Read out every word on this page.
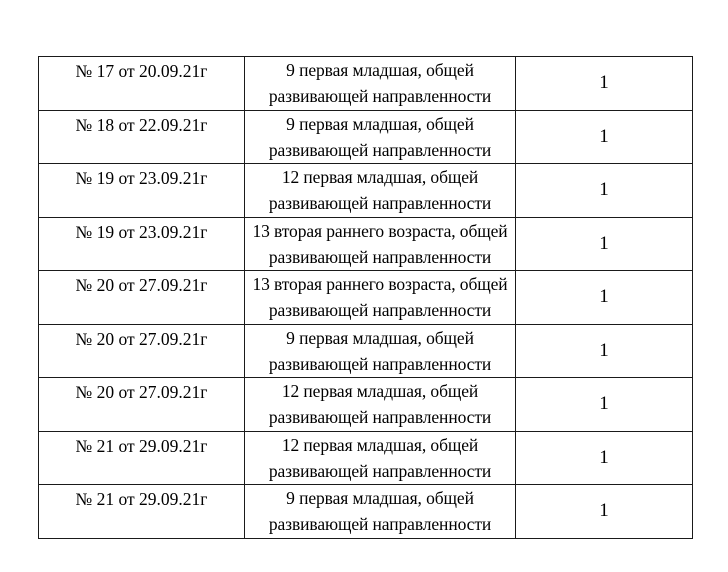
№ 17 от 20.09.21г	9 первая младшая, общей
развивающей направленности	1
№ 18 от 22.09.21г	9 первая младшая, общей
развивающей направленности	1
№ 19 от 23.09.21г	12 первая младшая, общей
развивающей направленности	1
№ 19 от 23.09.21г	13 вторая раннего возраста, общей
развивающей направленности	1
№ 20 от 27.09.21г	13 вторая раннего возраста, общей
развивающей направленности	1
№ 20 от 27.09.21г	9 первая младшая, общей
развивающей направленности	1
№ 20 от 27.09.21г	12 первая младшая, общей
развивающей направленности	1
№ 21 от 29.09.21г	12 первая младшая, общей
развивающей направленности	1
№ 21 от 29.09.21г	9 первая младшая, общей
развивающей направленности	1
